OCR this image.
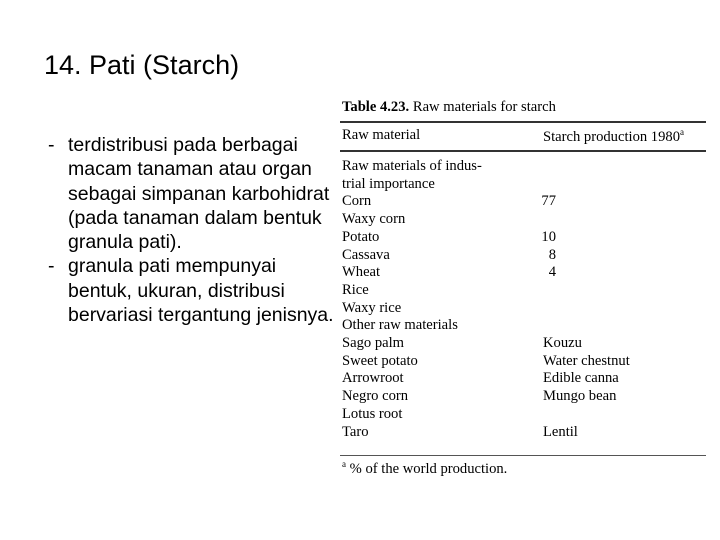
14. Pati (Starch)
- terdistribusi pada berbagai macam tanaman atau organ sebagai simpanan karbohidrat (pada tanaman dalam bentuk granula pati).
- granula pati mempunyai bentuk, ukuran, distribusi bervariasi tergantung jenisnya.
Table 4.23. Raw materials for starch
Raw material	Starch production 1980$^a$
Raw materials of indus-
trial importance
Corn	77
Waxy corn
Potato	10
Cassava	8
Wheat	4
Rice
Waxy rice
Other raw materials
Sago palm	Kouzu
Sweet potato	Water chestnut
Arrowroot	Edible canna
Negro corn	Mungo bean
Lotus root
Taro	Lentil
$^a$ % of the world production.
